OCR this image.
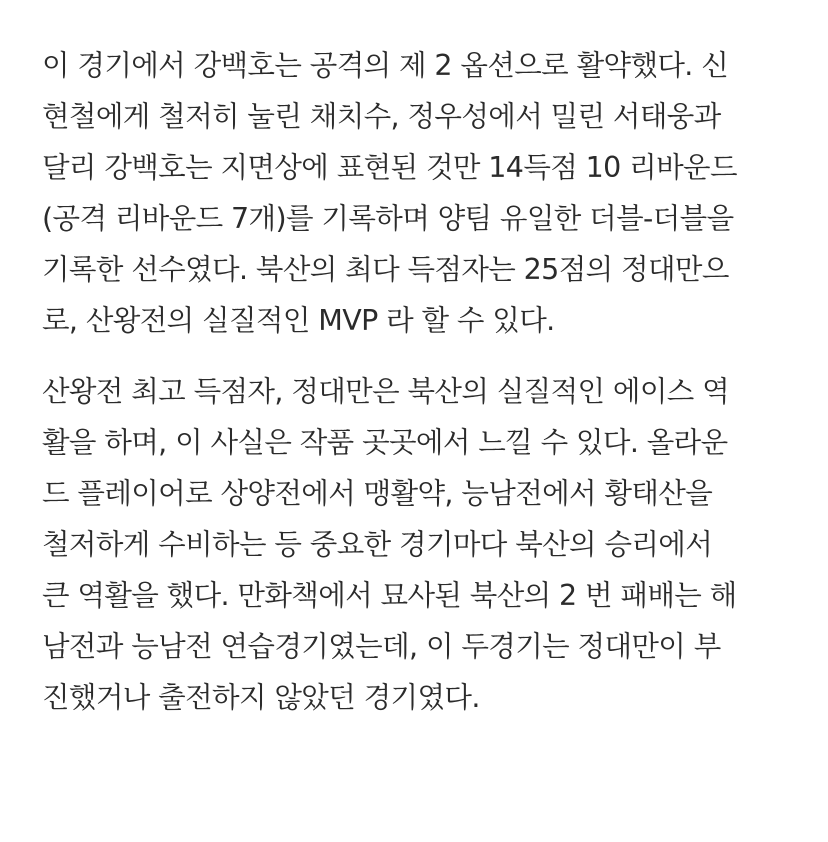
이 경기에서 강백호는 공격의 제 2 옵션으로 활약했다. 신
현철에게 철저히 눌린 채치수, 정우성에서 밀린 서태웅과
달리 강백호는 지면상에 표현된 것만 14득점 10 리바운드
(공격 리바운드 7개)를 기록하며 양팀 유일한 더블-더블을
기록한 선수였다. 북산의 최다 득점자는 25점의 정대만으
로, 산왕전의 실질적인 MVP 라 할 수 있다.

산왕전 최고 득점자, 정대만은 북산의 실질적인 에이스 역
활을 하며, 이 사실은 작품 곳곳에서 느낄 수 있다. 올라운
드 플레이어로 상양전에서 맹활약, 능남전에서 황태산을
철저하게 수비하는 등 중요한 경기마다 북산의 승리에서
큰 역활을 했다. 만화책에서 묘사된 북산의 2 번 패배는 해
남전과 능남전 연습경기였는데, 이 두경기는 정대만이 부
진했거나 출전하지 않았던 경기였다.
